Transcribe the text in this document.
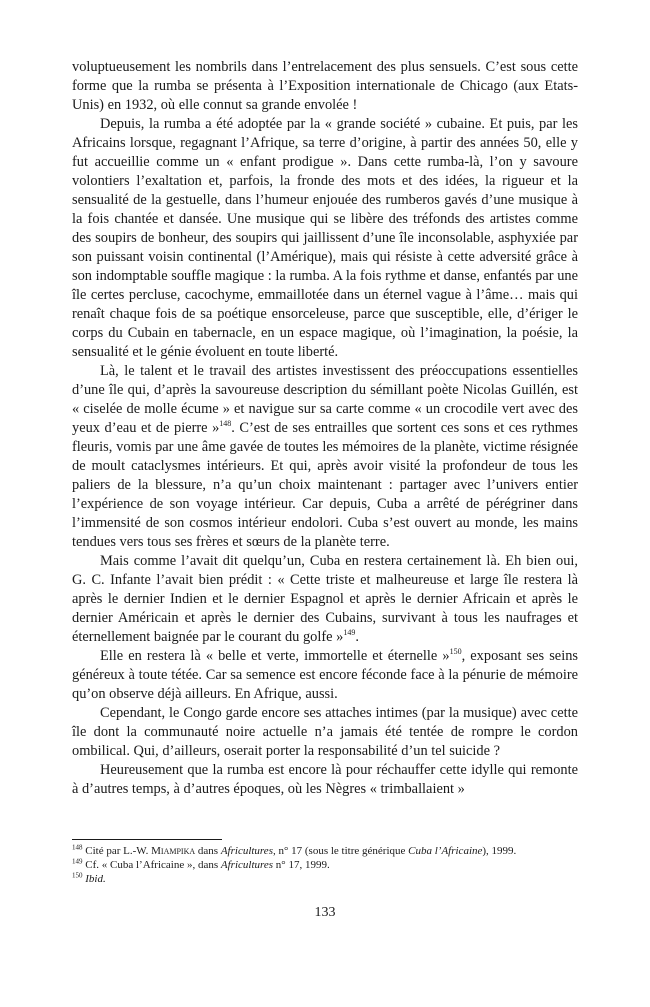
voluptueusement les nombrils dans l’entrelacement des plus sensuels. C’est sous cette forme que la rumba se présenta à l’Exposition internationale de Chicago (aux Etats-Unis) en 1932, où elle connut sa grande envolée !

Depuis, la rumba a été adoptée par la « grande société » cubaine. Et puis, par les Africains lorsque, regagnant l’Afrique, sa terre d’origine, à partir des années 50, elle y fut accueillie comme un « enfant prodigue ». Dans cette rumba-là, l’on y savoure volontiers l’exaltation et, parfois, la fronde des mots et des idées, la rigueur et la sensualité de la gestuelle, dans l’humeur enjouée des rumberos gavés d’une musique à la fois chantée et dansée. Une musique qui se libère des tréfonds des artistes comme des soupirs de bonheur, des soupirs qui jaillissent d’une île inconsolable, asphyxiée par son puissant voisin continental (l’Amérique), mais qui résiste à cette adversité grâce à son indomptable souffle magique : la rumba. A la fois rythme et danse, enfantés par une île certes percluse, cacochyme, emmaillotée dans un éternel vague à l’âme… mais qui renaît chaque fois de sa poétique ensorceleuse, parce que susceptible, elle, d’ériger le corps du Cubain en tabernacle, en un espace magique, où l’imagination, la poésie, la sensualité et le génie évoluent en toute liberté.

Là, le talent et le travail des artistes investissent des préoccupations essentielles d’une île qui, d’après la savoureuse description du sémillant poète Nicolas Guillén, est « ciselée de molle écume » et navigue sur sa carte comme « un crocodile vert avec des yeux d’eau et de pierre »$^{148}$. C’est de ses entrailles que sortent ces sons et ces rythmes fleuris, vomis par une âme gavée de toutes les mémoires de la planète, victime résignée de moult cataclysmes intérieurs. Et qui, après avoir visité la profondeur de tous les paliers de la blessure, n’a qu’un choix maintenant : partager avec l’univers entier l’expérience de son voyage intérieur. Car depuis, Cuba a arrêté de pérégriner dans l’immensité de son cosmos intérieur endolori. Cuba s’est ouvert au monde, les mains tendues vers tous ses frères et sœurs de la planète terre.

Mais comme l’avait dit quelqu’un, Cuba en restera certainement là. Eh bien oui, G. C. Infante l’avait bien prédit : « Cette triste et malheureuse et large île restera là après le dernier Indien et le dernier Espagnol et après le dernier Africain et après le dernier Américain et après le dernier des Cubains, survivant à tous les naufrages et éternellement baignée par le courant du golfe »$^{149}$.

Elle en restera là « belle et verte, immortelle et éternelle »$^{150}$, exposant ses seins généreux à toute tétée. Car sa semence est encore féconde face à la pénurie de mémoire qu’on observe déjà ailleurs. En Afrique, aussi.

Cependant, le Congo garde encore ses attaches intimes (par la musique) avec cette île dont la communauté noire actuelle n’a jamais été tentée de rompre le cordon ombilical. Qui, d’ailleurs, oserait porter la responsabilité d’un tel suicide ?

Heureusement que la rumba est encore là pour réchauffer cette idylle qui remonte à d’autres temps, à d’autres époques, où les Nègres « trimballaient »

$^{148}$ Cité par L.-W. Miampika dans Africultures, n° 17 (sous le titre générique Cuba l’Africaine), 1999.
$^{149}$ Cf. « Cuba l’Africaine », dans Africultures n° 17, 1999.
$^{150}$ Ibid.
133
